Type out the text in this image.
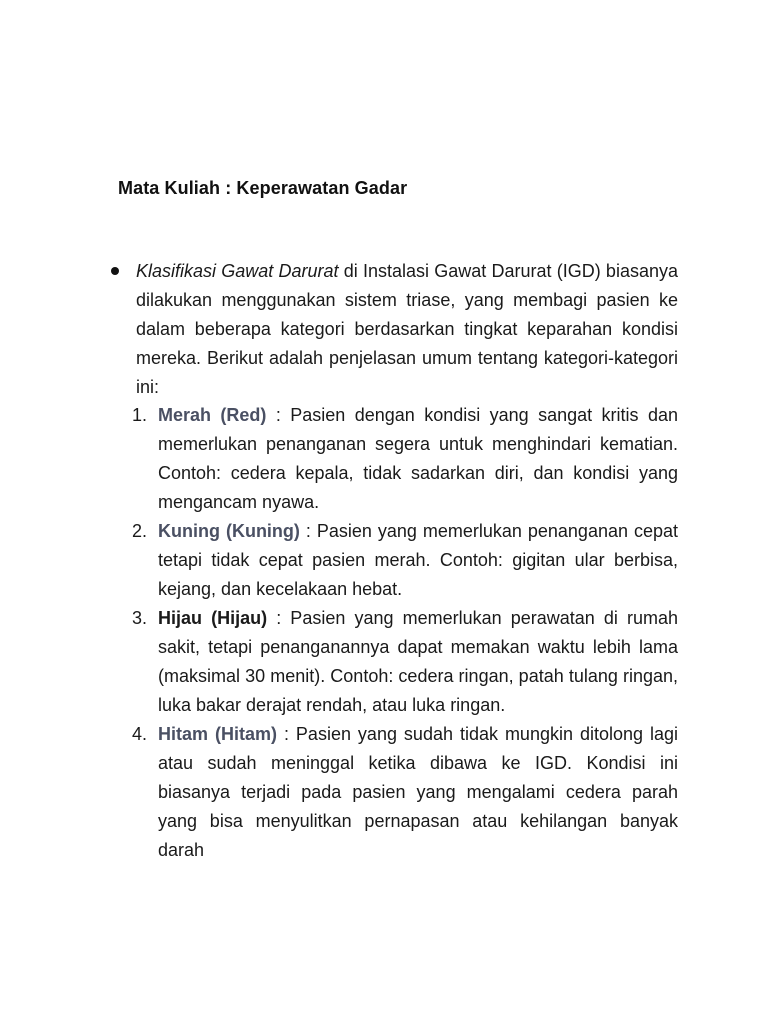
Mata Kuliah : Keperawatan Gadar

Klasifikasi Gawat Darurat di Instalasi Gawat Darurat (IGD) biasanya dilakukan menggunakan sistem triase, yang membagi pasien ke dalam beberapa kategori berdasarkan tingkat keparahan kondisi mereka. Berikut adalah penjelasan umum tentang kategori-kategori ini:

1. Merah (Red) : Pasien dengan kondisi yang sangat kritis dan memerlukan penanganan segera untuk menghindari kematian. Contoh: cedera kepala, tidak sadarkan diri, dan kondisi yang mengancam nyawa.
2. Kuning (Kuning) : Pasien yang memerlukan penanganan cepat tetapi tidak cepat pasien merah. Contoh: gigitan ular berbisa, kejang, dan kecelakaan hebat.
3. Hijau (Hijau) : Pasien yang memerlukan perawatan di rumah sakit, tetapi penanganannya dapat memakan waktu lebih lama (maksimal 30 menit). Contoh: cedera ringan, patah tulang ringan, luka bakar derajat rendah, atau luka ringan.
4. Hitam (Hitam) : Pasien yang sudah tidak mungkin ditolong lagi atau sudah meninggal ketika dibawa ke IGD. Kondisi ini biasanya terjadi pada pasien yang mengalami cedera parah yang bisa menyulitkan pernapasan atau kehilangan banyak darah
